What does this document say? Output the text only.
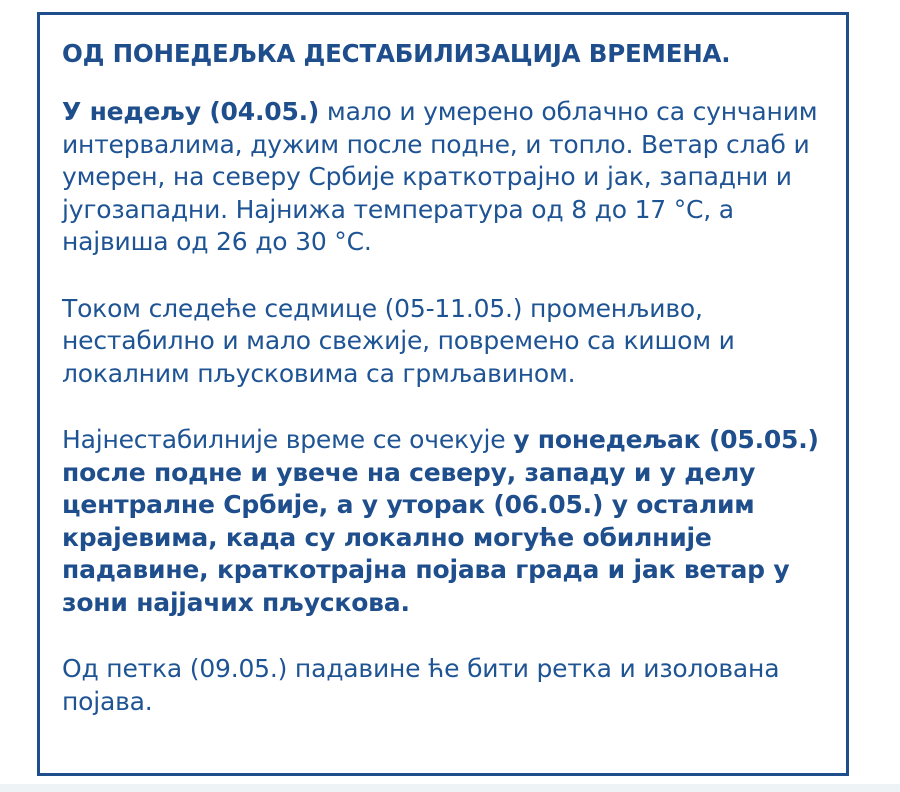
ОД ПОНЕДЕЉКА ДЕСТАБИЛИЗАЦИЈА ВРЕМЕНА.

У недељу (04.05.) мало и умерено облачно са сунчаним интервалима, дужим после подне, и топло. Ветар слаб и умерен, на северу Србије краткотрајно и јак, западни и југозападни. Најнижа температура од 8 до 17 °C, а највиша од 26 до 30 °C.

Током следеће седмице (05-11.05.) променљиво, нестабилно и мало свежије, повремено са кишом и локалним пљусковима са грмљавином.

Најнестабилније време се очекује у понедељак (05.05.) после подне и увече на северу, западу и у делу централне Србије, а у уторак (06.05.) у осталим крајевима, када су локално могуће обилније падавине, краткотрајна појава града и јак ветар у зони најјачих пљускова.

Од петка (09.05.) падавине ће бити ретка и изолована појава.
